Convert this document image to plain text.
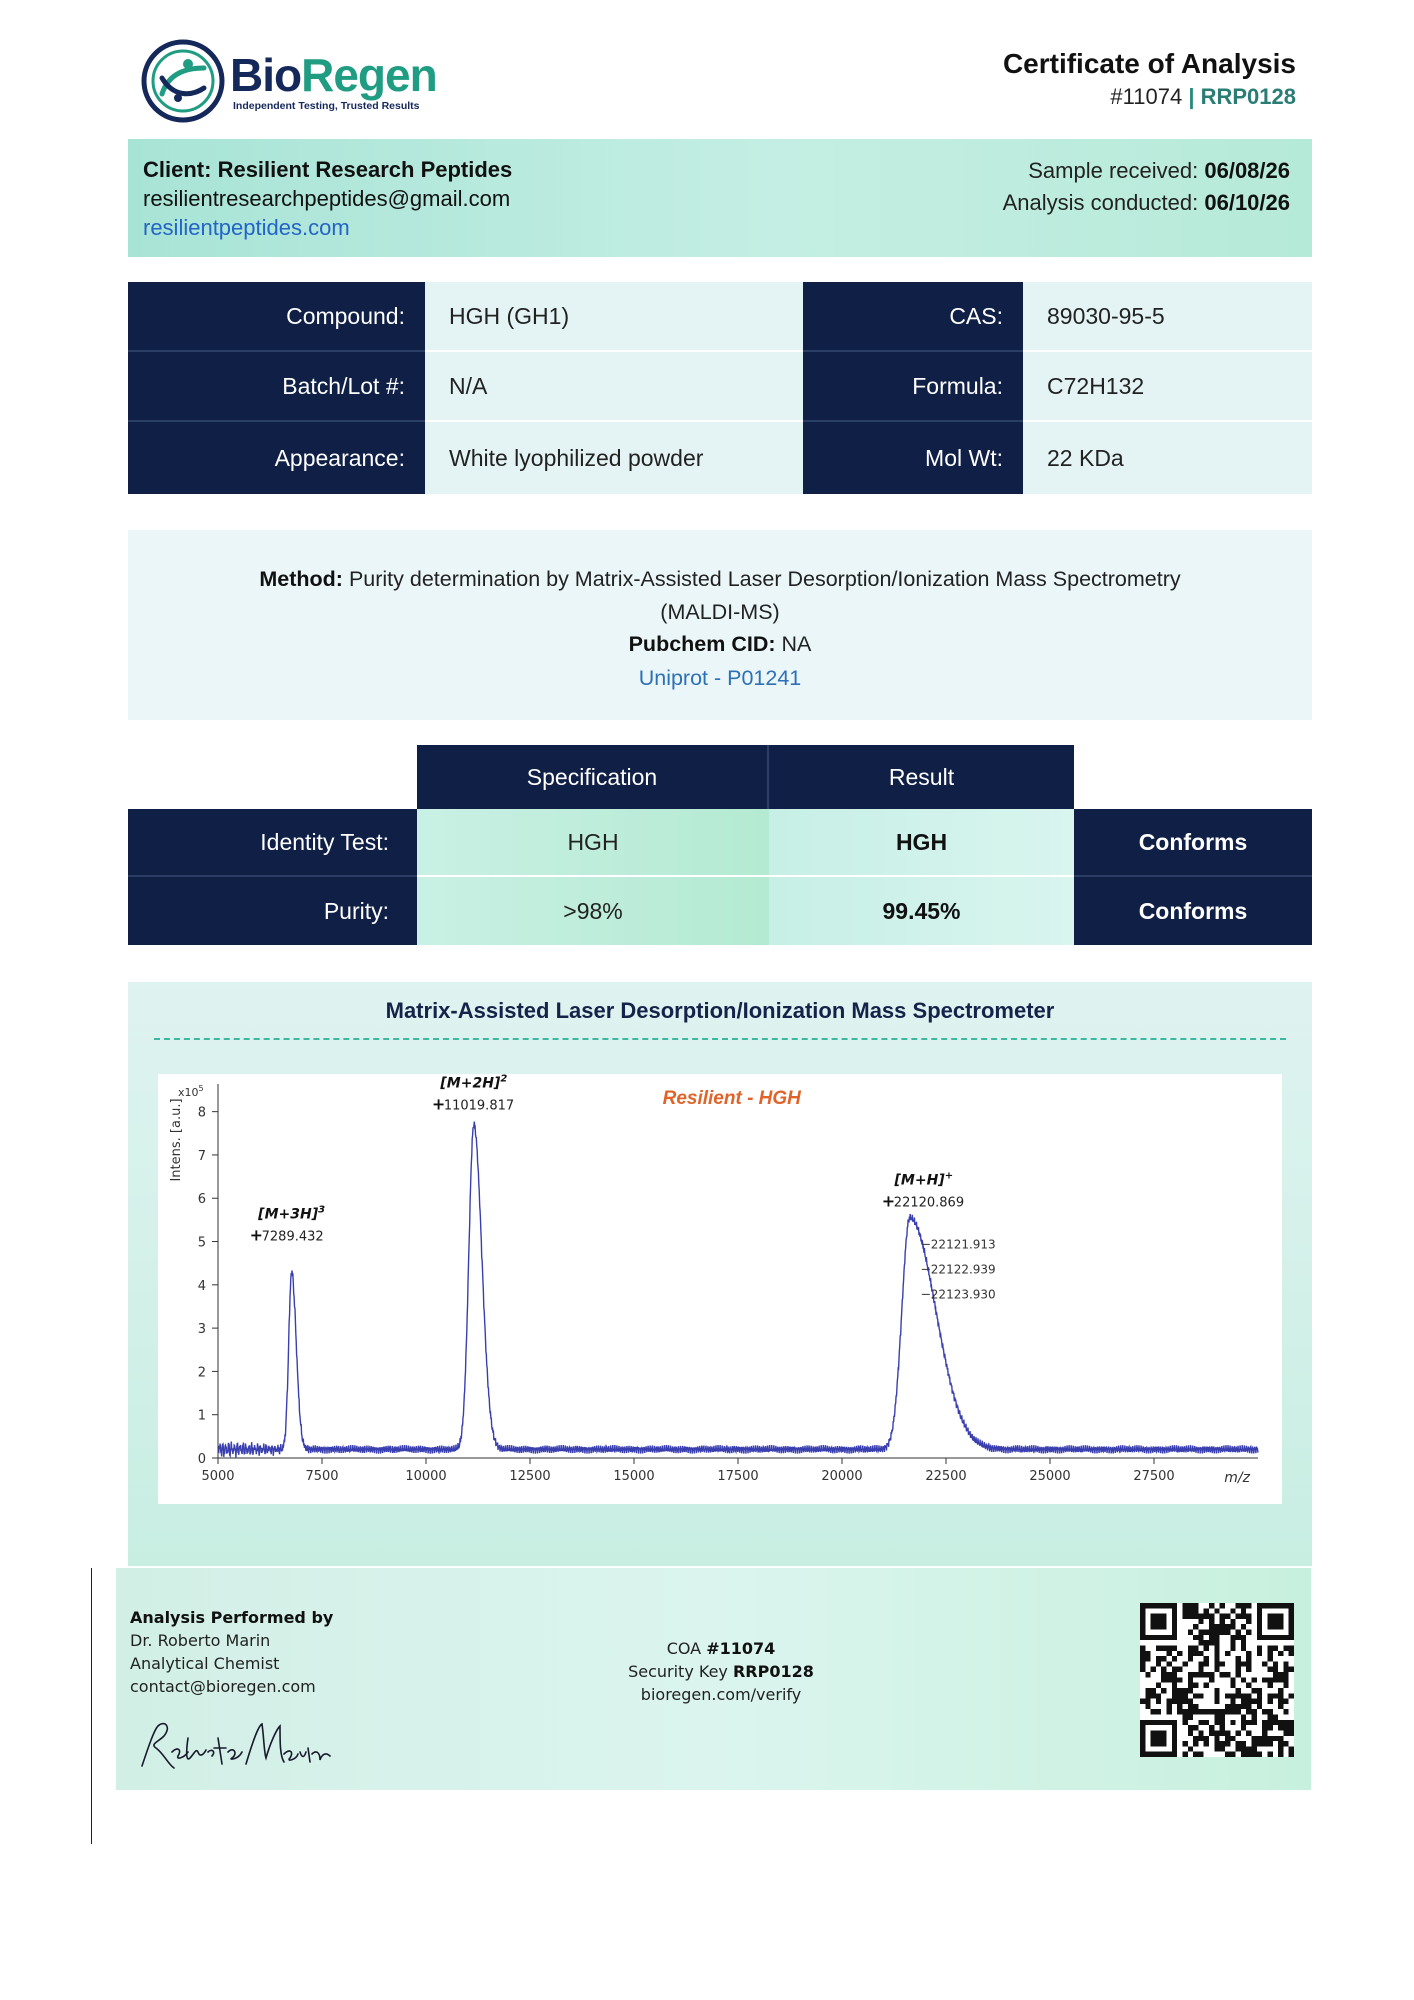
BioRegen
Independent Testing, Trusted Results
Certificate of Analysis
#11074 | RRP0128
Client: Resilient Research Peptides
resilientresearchpeptides@gmail.com
resilientpeptides.com
Sample received: 06/08/26
Analysis conducted: 06/10/26
Compound:	HGH (GH1)	CAS:	89030-95-5
Batch/Lot #:	N/A	Formula:	C72H132
Appearance:	White lyophilized powder	Mol Wt:	22 KDa
Method: Purity determination by Matrix-Assisted Laser Desorption/Ionization Mass Spectrometry (MALDI-MS)
Pubchem CID: NA
Uniprot - P01241
Specification	Result
Identity Test:	HGH	HGH	Conforms
Purity:	>98%	99.45%	Conforms
Matrix-Assisted Laser Desorption/Ionization Mass Spectrometer
5000	7500	10000	12500	15000	17500	20000	22500	25000	27500
0
1
2
3
4
5
6
7
8
m/z
Intens. [a.u.]
$x10^5$	Resilient - HGH
$[M+3H]^3$
+
7289.432
$[M+2H]^2$
+
11019.817
[M+H]+
+
22120.869
22121.913
22122.939
22123.930
Analysis Performed by
Dr. Roberto Marin
Analytical Chemist
contact@bioregen.com
COA #11074
Security Key RRP0128
bioregen.com/verify
